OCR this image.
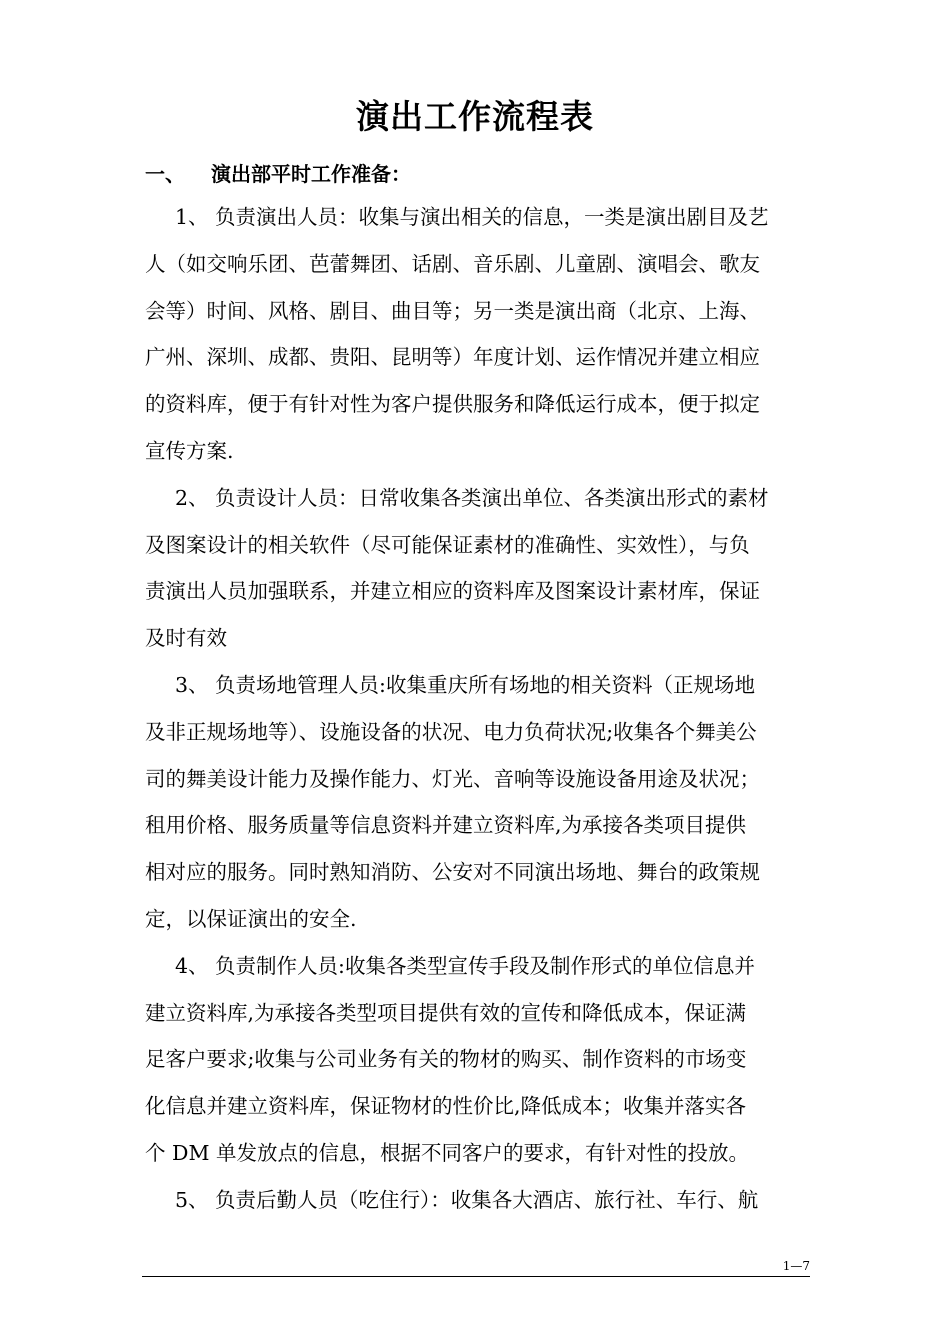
演出工作流程表
一、 演出部平时工作准备：

1、 负责演出人员：收集与演出相关的信息，一类是演出剧目及艺
人（如交响乐团、芭蕾舞团、话剧、音乐剧、儿童剧、演唱会、歌友
会等）时间、风格、剧目、曲目等；另一类是演出商（北京、上海、
广州、深圳、成都、贵阳、昆明等）年度计划、运作情况并建立相应
的资料库，便于有针对性为客户提供服务和降低运行成本，便于拟定
宣传方案.

2、 负责设计人员：日常收集各类演出单位、各类演出形式的素材
及图案设计的相关软件（尽可能保证素材的准确性、实效性），与负
责演出人员加强联系，并建立相应的资料库及图案设计素材库，保证
及时有效

3、 负责场地管理人员:收集重庆所有场地的相关资料（正规场地
及非正规场地等）、设施设备的状况、电力负荷状况;收集各个舞美公
司的舞美设计能力及操作能力、灯光、音响等设施设备用途及状况；
租用价格、服务质量等信息资料并建立资料库,为承接各类项目提供
相对应的服务。同时熟知消防、公安对不同演出场地、舞台的政策规
定，以保证演出的安全.

4、 负责制作人员:收集各类型宣传手段及制作形式的单位信息并
建立资料库,为承接各类型项目提供有效的宣传和降低成本，保证满
足客户要求;收集与公司业务有关的物材的购买、制作资料的市场变
化信息并建立资料库，保证物材的性价比,降低成本；收集并落实各
个 DM 单发放点的信息，根据不同客户的要求，有针对性的投放。

5、 负责后勤人员（吃住行）：收集各大酒店、旅行社、车行、航

1—7
